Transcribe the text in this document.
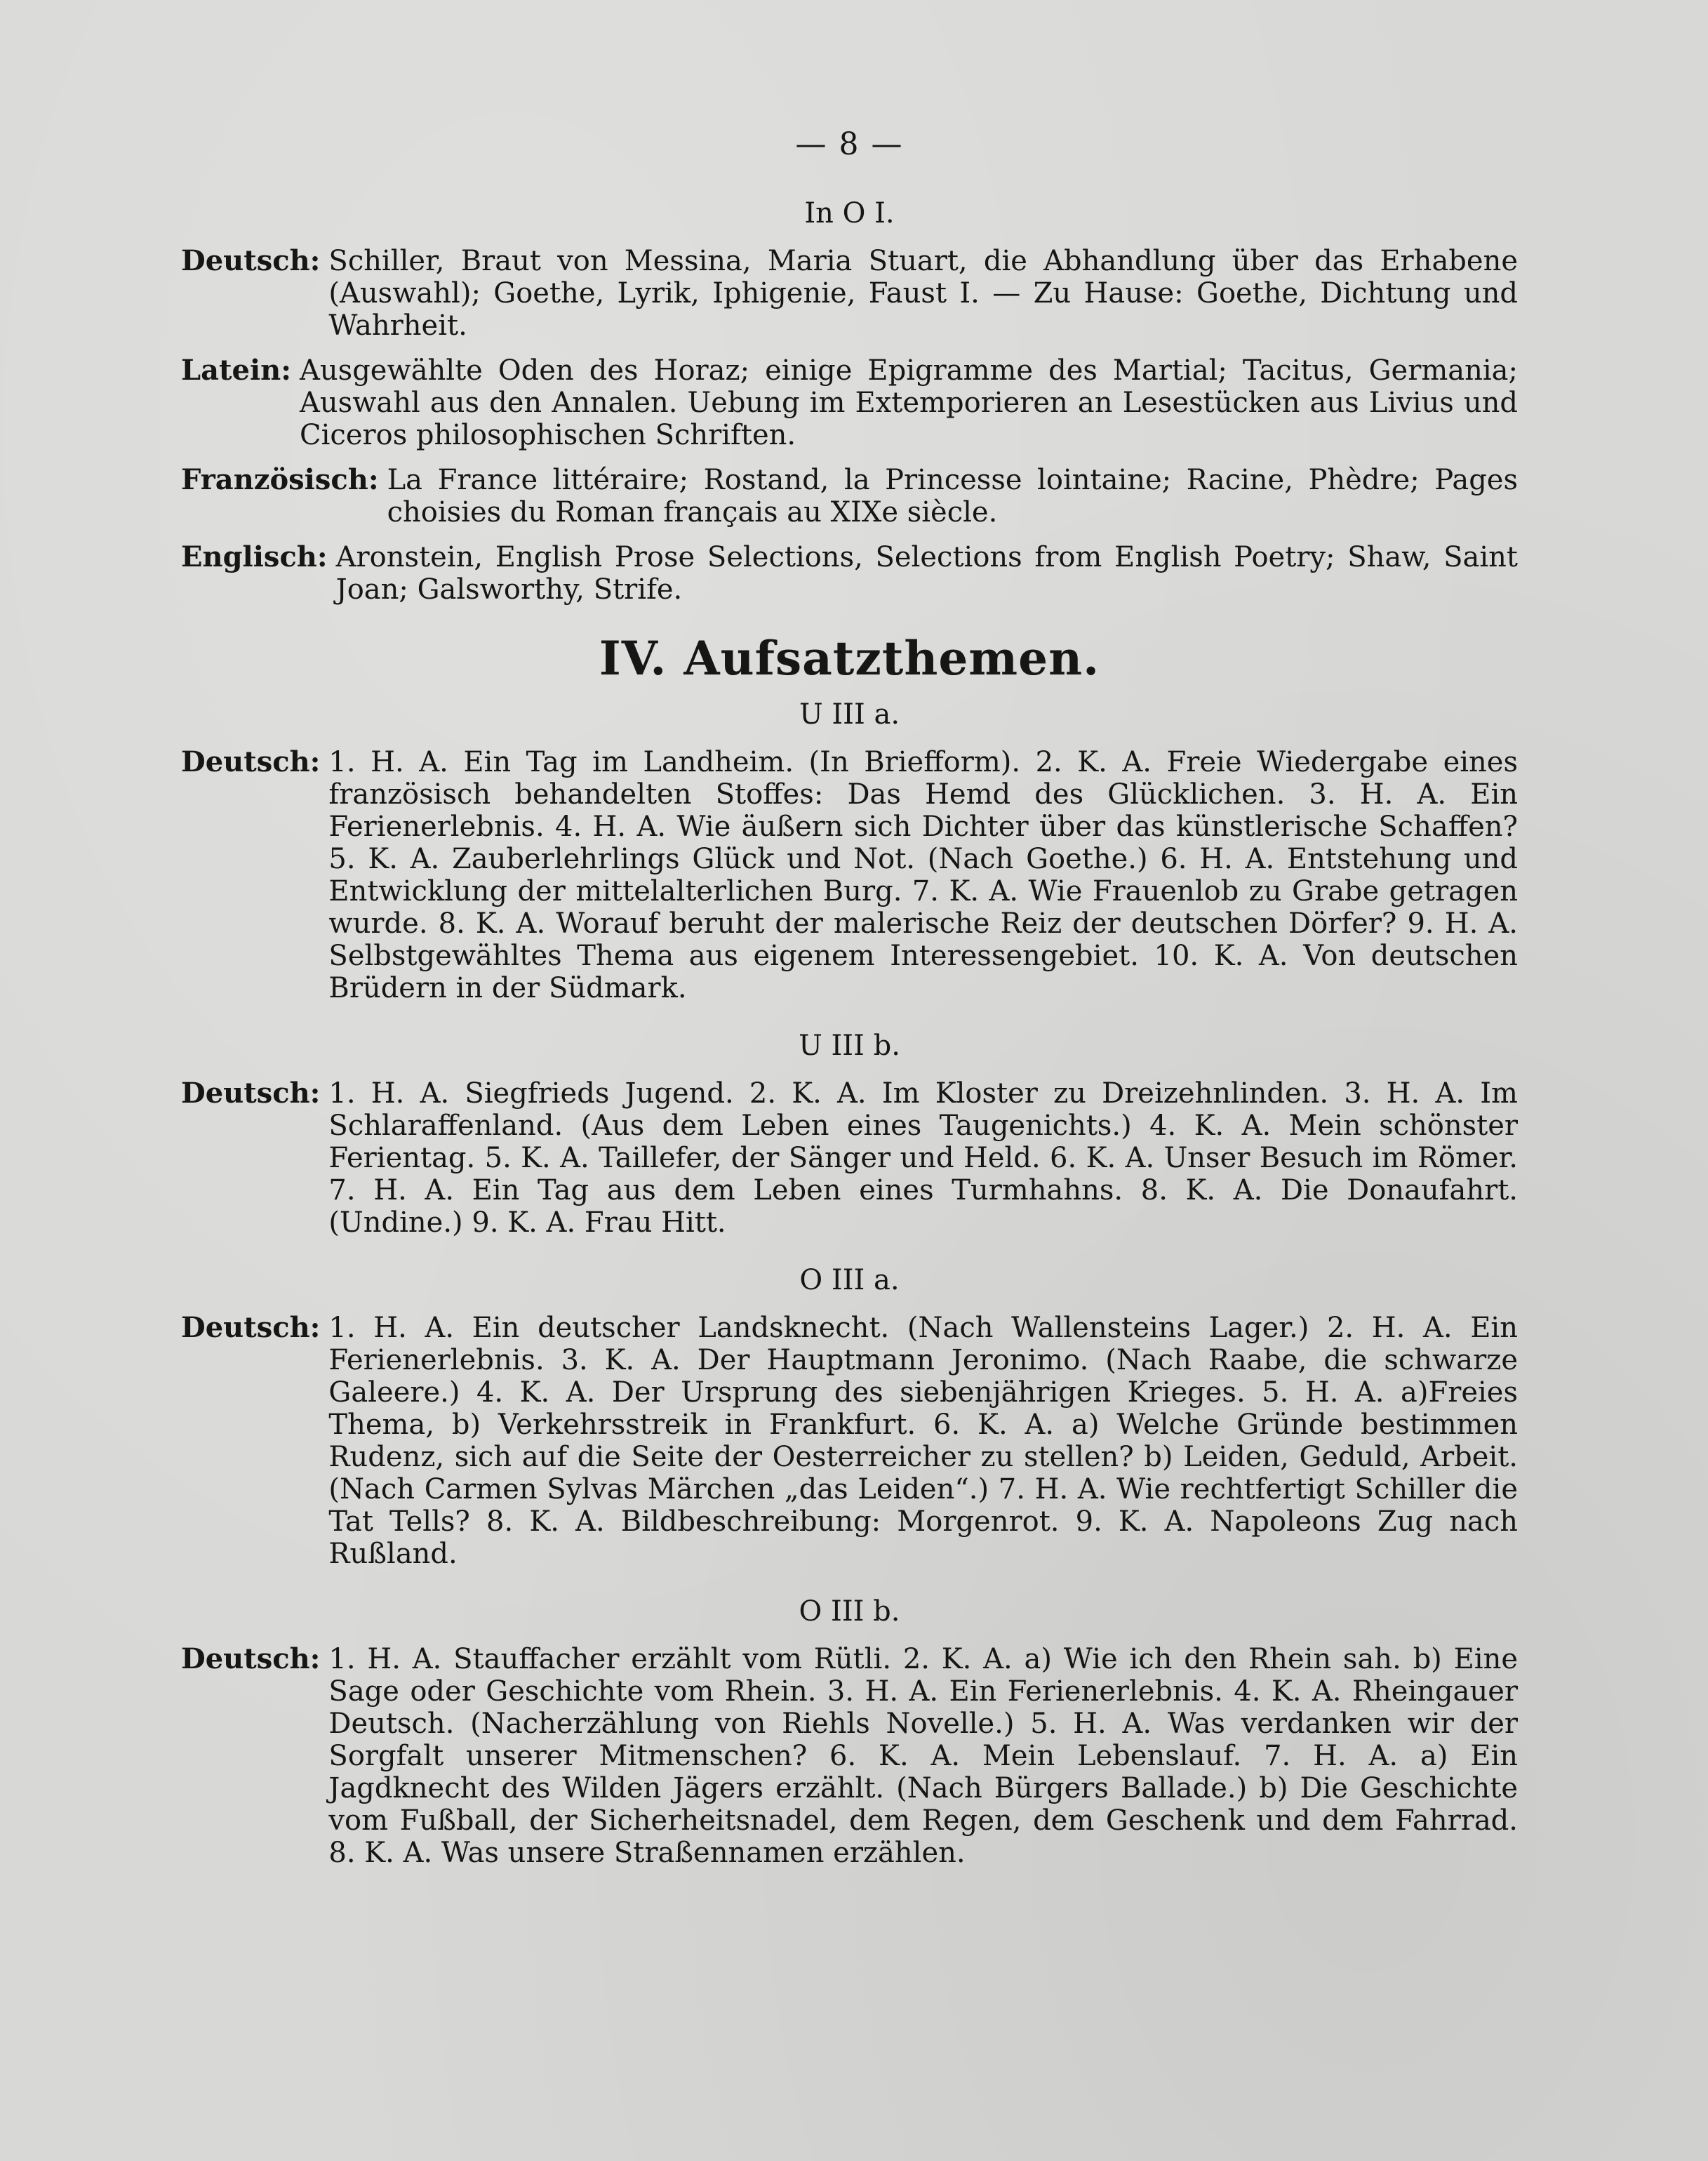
— 8 —
In O I.
Deutsch: Schiller, Braut von Messina, Maria Stuart, die Abhandlung über das Erhabene (Auswahl); Goethe, Lyrik, Iphigenie, Faust I. — Zu Hause: Goethe, Dichtung und Wahrheit.
Latein: Ausgewählte Oden des Horaz; einige Epigramme des Martial; Tacitus, Germania; Auswahl aus den Annalen. Uebung im Extemporieren an Lesestücken aus Livius und Ciceros philosophischen Schriften.
Französisch: La France littéraire; Rostand, la Princesse lointaine; Racine, Phèdre; Pages choisies du Roman français au XIXe siècle.
Englisch: Aronstein, English Prose Selections, Selections from English Poetry; Shaw, Saint Joan; Galsworthy, Strife.
IV. Aufsatzthemen.
U III a.
Deutsch: 1. H. A. Ein Tag im Landheim. (In Briefform). 2. K. A. Freie Wiedergabe eines französisch behandelten Stoffes: Das Hemd des Glücklichen. 3. H. A. Ein Ferienerlebnis. 4. H. A. Wie äußern sich Dichter über das künstlerische Schaffen? 5. K. A. Zauberlehrlings Glück und Not. (Nach Goethe.) 6. H. A. Entstehung und Entwicklung der mittelalterlichen Burg. 7. K. A. Wie Frauenlob zu Grabe getragen wurde. 8. K. A. Worauf beruht der malerische Reiz der deutschen Dörfer? 9. H. A. Selbstgewähltes Thema aus eigenem Interessengebiet. 10. K. A. Von deutschen Brüdern in der Südmark.
U III b.
Deutsch: 1. H. A. Siegfrieds Jugend. 2. K. A. Im Kloster zu Dreizehnlinden. 3. H. A. Im Schlaraffenland. (Aus dem Leben eines Taugenichts.) 4. K. A. Mein schönster Ferientag. 5. K. A. Taillefer, der Sänger und Held. 6. K. A. Unser Besuch im Römer. 7. H. A. Ein Tag aus dem Leben eines Turmhahns. 8. K. A. Die Donaufahrt. (Undine.) 9. K. A. Frau Hitt.
O III a.
Deutsch: 1. H. A. Ein deutscher Landsknecht. (Nach Wallensteins Lager.) 2. H. A. Ein Ferienerlebnis. 3. K. A. Der Hauptmann Jeronimo. (Nach Raabe, die schwarze Galeere.) 4. K. A. Der Ursprung des siebenjährigen Krieges. 5. H. A. a)Freies Thema, b) Verkehrsstreik in Frankfurt. 6. K. A. a) Welche Gründe bestimmen Rudenz, sich auf die Seite der Oesterreicher zu stellen? b) Leiden, Geduld, Arbeit. (Nach Carmen Sylvas Märchen „das Leiden“.) 7. H. A. Wie rechtfertigt Schiller die Tat Tells? 8. K. A. Bildbeschreibung: Morgenrot. 9. K. A. Napoleons Zug nach Rußland.
O III b.
Deutsch: 1. H. A. Stauffacher erzählt vom Rütli. 2. K. A. a) Wie ich den Rhein sah. b) Eine Sage oder Geschichte vom Rhein. 3. H. A. Ein Ferienerlebnis. 4. K. A. Rheingauer Deutsch. (Nacherzählung von Riehls Novelle.) 5. H. A. Was verdanken wir der Sorgfalt unserer Mitmenschen? 6. K. A. Mein Lebenslauf. 7. H. A. a) Ein Jagdknecht des Wilden Jägers erzählt. (Nach Bürgers Ballade.) b) Die Geschichte vom Fußball, der Sicherheitsnadel, dem Regen, dem Geschenk und dem Fahrrad. 8. K. A. Was unsere Straßennamen erzählen.
